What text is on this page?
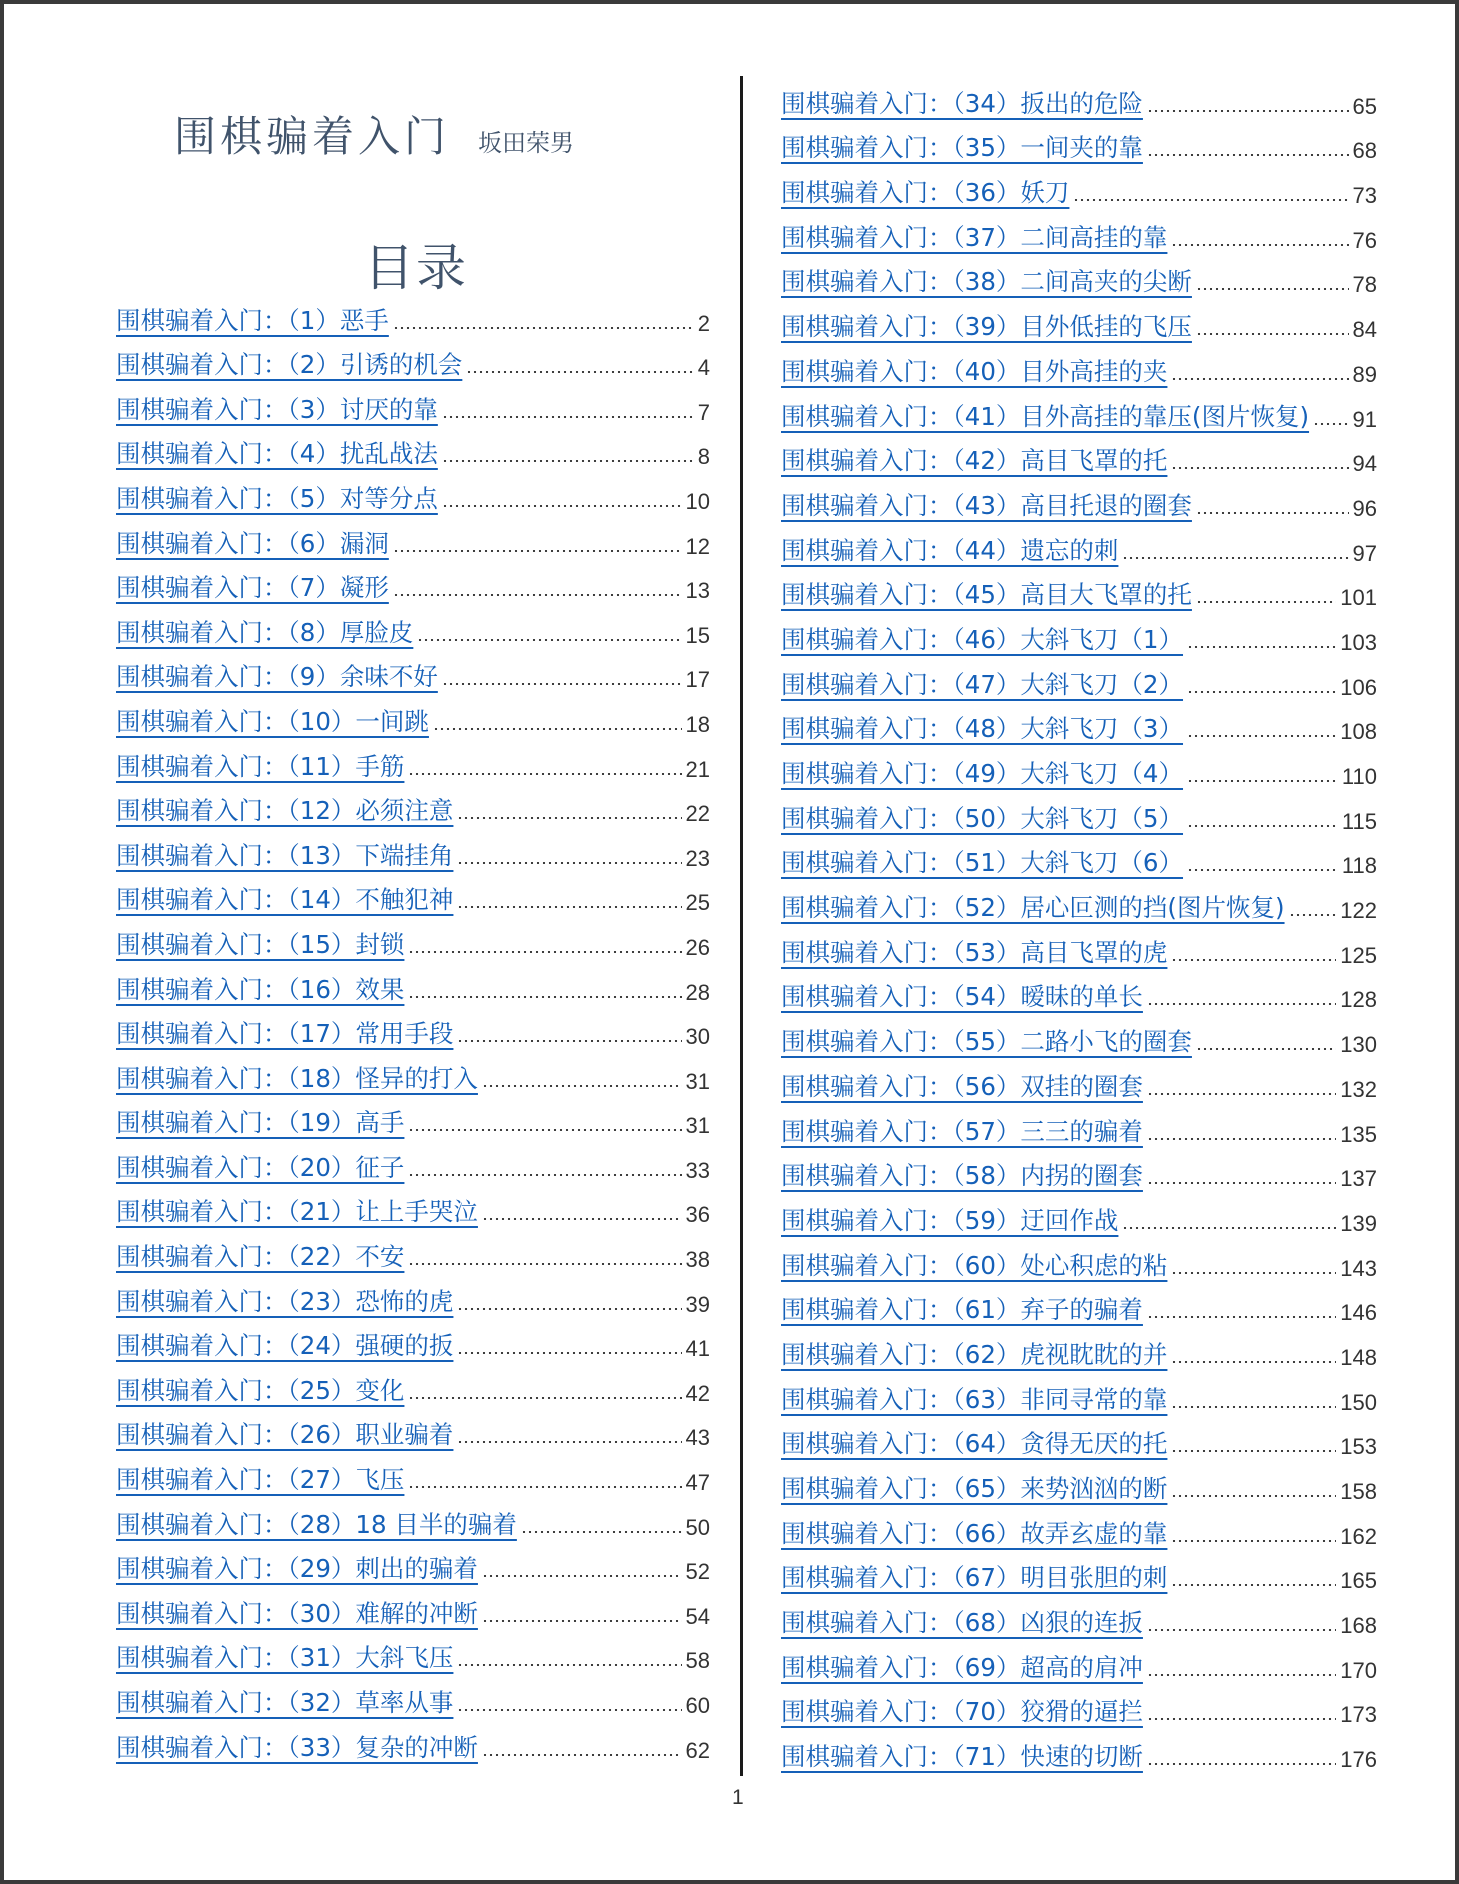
围棋骗着入门 坂田荣男
目录
围棋骗着入门：（1）恶手	2
围棋骗着入门：（2）引诱的机会	4
围棋骗着入门：（3）讨厌的靠	7
围棋骗着入门：（4）扰乱战法	8
围棋骗着入门：（5）对等分点	10
围棋骗着入门：（6）漏洞	12
围棋骗着入门：（7）凝形	13
围棋骗着入门：（8）厚脸皮	15
围棋骗着入门：（9）余味不好	17
围棋骗着入门：（10）一间跳	18
围棋骗着入门：（11）手筋	21
围棋骗着入门：（12）必须注意	22
围棋骗着入门：（13）下端挂角	23
围棋骗着入门：（14）不触犯神	25
围棋骗着入门：（15）封锁	26
围棋骗着入门：（16）效果	28
围棋骗着入门：（17）常用手段	30
围棋骗着入门：（18）怪异的打入	31
围棋骗着入门：（19）高手	31
围棋骗着入门：（20）征子	33
围棋骗着入门：（21）让上手哭泣	36
围棋骗着入门：（22）不安	38
围棋骗着入门：（23）恐怖的虎	39
围棋骗着入门：（24）强硬的扳	41
围棋骗着入门：（25）变化	42
围棋骗着入门：（26）职业骗着	43
围棋骗着入门：（27）飞压	47
围棋骗着入门：（28）18 目半的骗着	50
围棋骗着入门：（29）刺出的骗着	52
围棋骗着入门：（30）难解的冲断	54
围棋骗着入门：（31）大斜飞压	58
围棋骗着入门：（32）草率从事	60
围棋骗着入门：（33）复杂的冲断	62
围棋骗着入门：（34）扳出的危险	65
围棋骗着入门：（35）一间夹的靠	68
围棋骗着入门：（36）妖刀	73
围棋骗着入门：（37）二间高挂的靠	76
围棋骗着入门：（38）二间高夹的尖断	78
围棋骗着入门：（39）目外低挂的飞压	84
围棋骗着入门：（40）目外高挂的夹	89
围棋骗着入门：（41）目外高挂的靠压(图片恢复) 91
围棋骗着入门：（42）高目飞罩的托	94
围棋骗着入门：（43）高目托退的圈套	96
围棋骗着入门：（44）遗忘的刺	97
围棋骗着入门：（45）高目大飞罩的托	101
围棋骗着入门：（46）大斜飞刀（1）	103
围棋骗着入门：（47）大斜飞刀（2）	106
围棋骗着入门：（48）大斜飞刀（3）	108
围棋骗着入门：（49）大斜飞刀（4）	110
围棋骗着入门：（50）大斜飞刀（5）	115
围棋骗着入门：（51）大斜飞刀（6）	118
围棋骗着入门：（52）居心叵测的挡(图片恢复)	122
围棋骗着入门：（53）高目飞罩的虎	125
围棋骗着入门：（54）暧昧的单长	128
围棋骗着入门：（55）二路小飞的圈套	130
围棋骗着入门：（56）双挂的圈套	132
围棋骗着入门：（57）三三的骗着	135
围棋骗着入门：（58）内拐的圈套	137
围棋骗着入门：（59）迂回作战	139
围棋骗着入门：（60）处心积虑的粘	143
围棋骗着入门：（61）弃子的骗着	146
围棋骗着入门：（62）虎视眈眈的并	148
围棋骗着入门：（63）非同寻常的靠	150
围棋骗着入门：（64）贪得无厌的托	153
围棋骗着入门：（65）来势汹汹的断	158
围棋骗着入门：（66）故弄玄虚的靠	162
围棋骗着入门：（67）明目张胆的刺	165
围棋骗着入门：（68）凶狠的连扳	168
围棋骗着入门：（69）超高的肩冲	170
围棋骗着入门：（70）狡猾的逼拦	173
围棋骗着入门：（71）快速的切断	176
1
